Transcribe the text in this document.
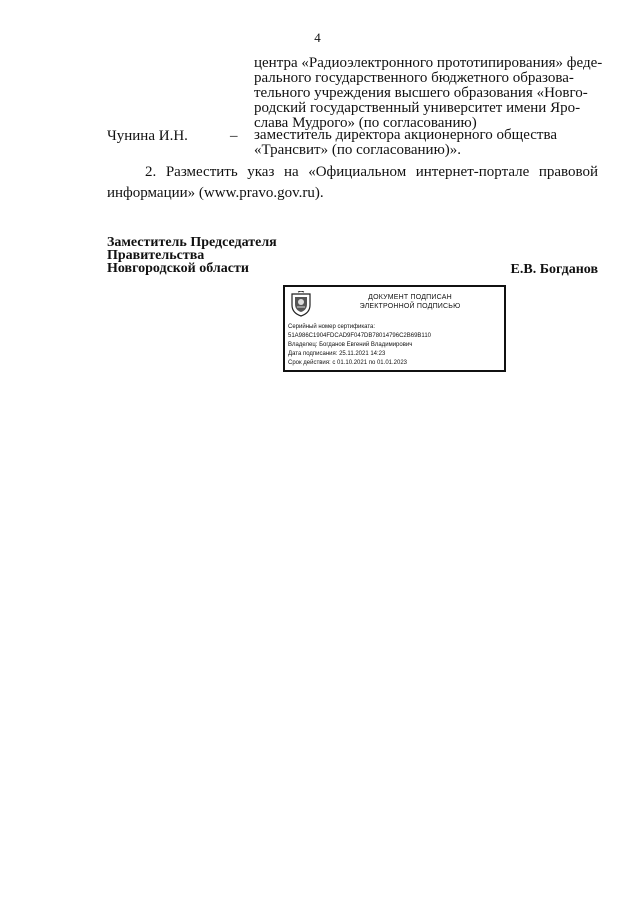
4
центра «Радиоэлектронного прототипирования» феде-
рального государственного бюджетного образова-
тельного учреждения высшего образования «Новго-
родский государственный университет имени Яро-
слава Мудрого» (по согласованию)
Чунина И.Н.	– заместитель директора акционерного общества
«Трансвит» (по согласованию)».
2. Разместить указ на «Официальном интернет-портале правовой
информации» (www.pravo.gov.ru).
Заместитель Председателя
Правительства
Новгородской области	Е.В. Богданов
ДОКУМЕНТ ПОДПИСАН
ЭЛЕКТРОННОЙ ПОДПИСЬЮ
Серийный номер сертификата:
51A986C1904FDCAD9F047DB78014796C2B69B110
Владелец: Богданов Евгений Владимирович
Дата подписания: 25.11.2021 14:23
Срок действия: с 01.10.2021 по 01.01.2023
